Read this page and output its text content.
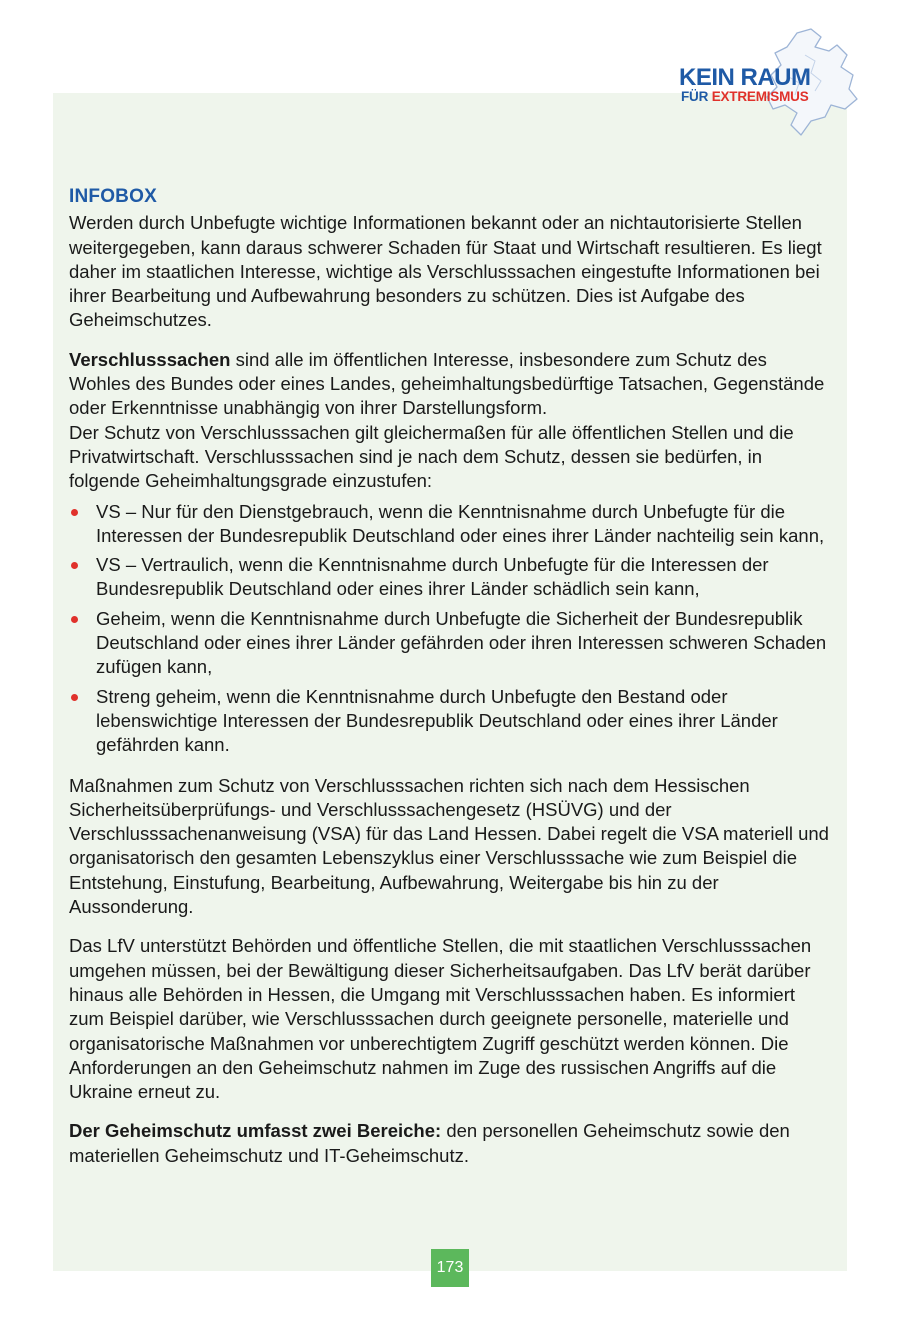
KEIN RAUM
FÜR EXTREMISMUS
INFOBOX

Werden durch Unbefugte wichtige Informationen bekannt oder an nichtautorisierte Stellen weitergegeben, kann daraus schwerer Schaden für Staat und Wirtschaft resultieren. Es liegt daher im staatlichen Interesse, wichtige als Verschlusssachen eingestufte Informationen bei ihrer Bearbeitung und Aufbewahrung besonders zu schützen. Dies ist Aufgabe des Geheimschutzes.

Verschlusssachen sind alle im öffentlichen Interesse, insbesondere zum Schutz des Wohles des Bundes oder eines Landes, geheimhaltungsbedürftige Tatsachen, Gegenstände oder Erkenntnisse unabhängig von ihrer Darstellungsform.
Der Schutz von Verschlusssachen gilt gleichermaßen für alle öffentlichen Stellen und die Privatwirtschaft. Verschlusssachen sind je nach dem Schutz, dessen sie bedürfen, in folgende Geheimhaltungsgrade einzustufen:

VS – Nur für den Dienstgebrauch, wenn die Kenntnisnahme durch Unbefugte für die Interessen der Bundesrepublik Deutschland oder eines ihrer Länder nachteilig sein kann,
VS – Vertraulich, wenn die Kenntnisnahme durch Unbefugte für die Interessen der Bundesrepublik Deutschland oder eines ihrer Länder schädlich sein kann,
Geheim, wenn die Kenntnisnahme durch Unbefugte die Sicherheit der Bundesrepublik Deutschland oder eines ihrer Länder gefährden oder ihren Interessen schweren Schaden zufügen kann,
Streng geheim, wenn die Kenntnisnahme durch Unbefugte den Bestand oder lebenswichtige Interessen der Bundesrepublik Deutschland oder eines ihrer Länder gefährden kann.

Maßnahmen zum Schutz von Verschlusssachen richten sich nach dem Hessischen Sicherheitsüberprüfungs- und Verschlusssachengesetz (HSÜVG) und der Verschlusssachenanweisung (VSA) für das Land Hessen. Dabei regelt die VSA materiell und organisatorisch den gesamten Lebenszyklus einer Verschlusssache wie zum Beispiel die Entstehung, Einstufung, Bearbeitung, Aufbewahrung, Weitergabe bis hin zu der Aussonderung.

Das LfV unterstützt Behörden und öffentliche Stellen, die mit staatlichen Verschlusssachen umgehen müssen, bei der Bewältigung dieser Sicherheitsaufgaben. Das LfV berät darüber hinaus alle Behörden in Hessen, die Umgang mit Verschlusssachen haben. Es informiert zum Beispiel darüber, wie Verschlusssachen durch geeignete personelle, materielle und organisatorische Maßnahmen vor unberechtigtem Zugriff geschützt werden können. Die Anforderungen an den Geheimschutz nahmen im Zuge des russischen Angriffs auf die Ukraine erneut zu.

Der Geheimschutz umfasst zwei Bereiche: den personellen Geheimschutz sowie den materiellen Geheimschutz und IT-Geheimschutz.

173
